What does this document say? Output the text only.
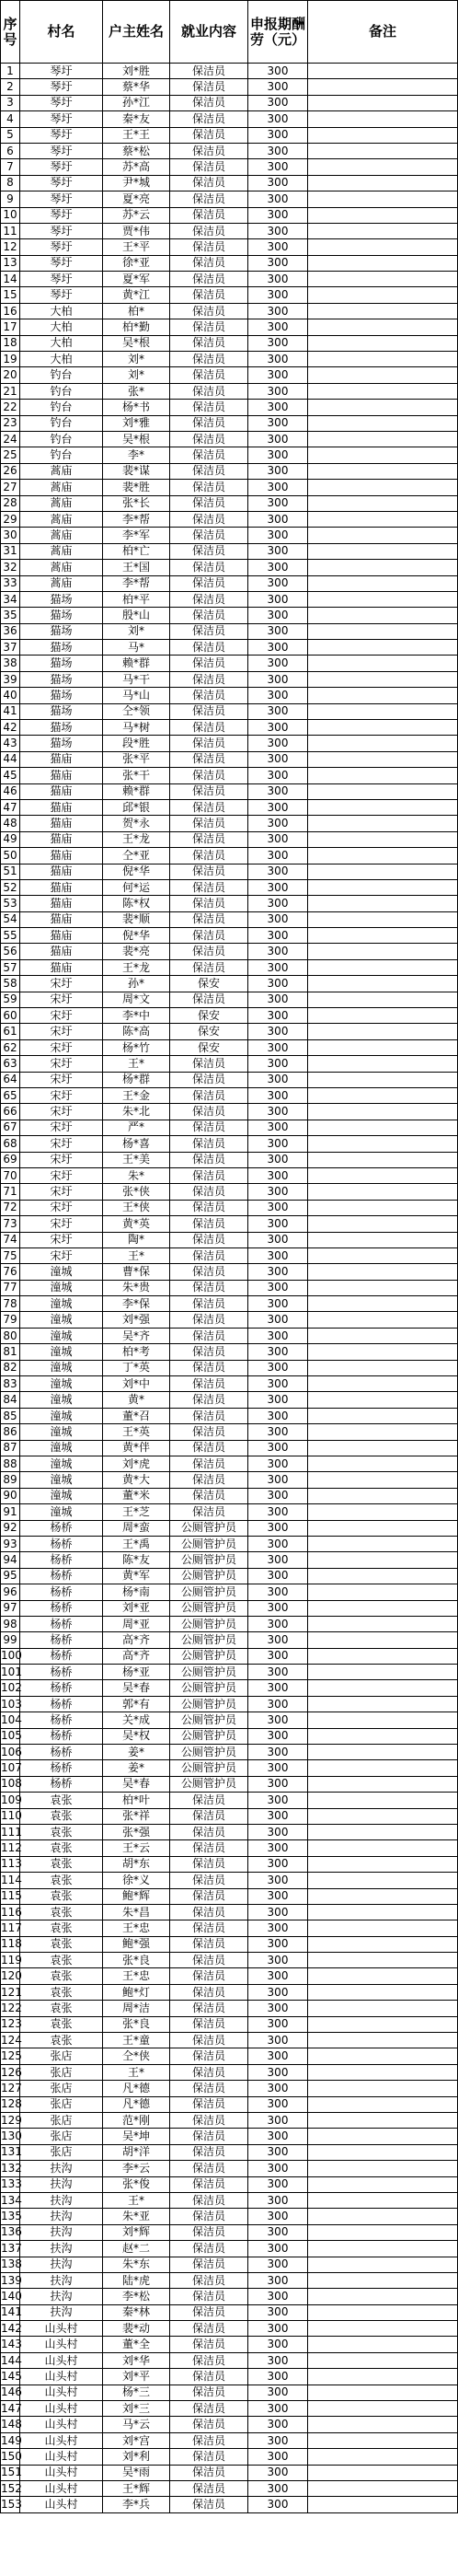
序号	村名	户主姓名	就业内容	申报期酬劳（元）	备注
1	琴圩	刘*胜	保洁员	300	
2	琴圩	蔡*华	保洁员	300	
3	琴圩	孙*江	保洁员	300	
4	琴圩	秦*友	保洁员	300	
5	琴圩	王*王	保洁员	300	
6	琴圩	蔡*松	保洁员	300	
7	琴圩	苏*高	保洁员	300	
8	琴圩	尹*城	保洁员	300	
9	琴圩	夏*亮	保洁员	300	
10	琴圩	苏*云	保洁员	300	
11	琴圩	贾*伟	保洁员	300	
12	琴圩	王*平	保洁员	300	
13	琴圩	徐*亚	保洁员	300	
14	琴圩	夏*军	保洁员	300	
15	琴圩	黄*江	保洁员	300	
16	大柏	柏*	保洁员	300	
17	大柏	柏*勤	保洁员	300	
18	大柏	吴*根	保洁员	300	
19	大柏	刘*	保洁员	300	
20	钓台	刘*	保洁员	300	
21	钓台	张*	保洁员	300	
22	钓台	杨*书	保洁员	300	
23	钓台	刘*雅	保洁员	300	
24	钓台	吴*根	保洁员	300	
25	钓台	李*	保洁员	300	
26	蒿庙	裴*谋	保洁员	300	
27	蒿庙	裴*胜	保洁员	300	
28	蒿庙	张*长	保洁员	300	
29	蒿庙	李*帮	保洁员	300	
30	蒿庙	李*军	保洁员	300	
31	蒿庙	柏*亡	保洁员	300	
32	蒿庙	王*国	保洁员	300	
33	蒿庙	李*帮	保洁员	300	
34	猫场	柏*平	保洁员	300	
35	猫场	殷*山	保洁员	300	
36	猫场	刘*	保洁员	300	
37	猫场	马*	保洁员	300	
38	猫场	赖*群	保洁员	300	
39	猫场	马*干	保洁员	300	
40	猫场	马*山	保洁员	300	
41	猫场	仝*领	保洁员	300	
42	猫场	马*树	保洁员	300	
43	猫场	段*胜	保洁员	300	
44	猫庙	张*平	保洁员	300	
45	猫庙	张*干	保洁员	300	
46	猫庙	赖*群	保洁员	300	
47	猫庙	邱*银	保洁员	300	
48	猫庙	贺*永	保洁员	300	
49	猫庙	王*龙	保洁员	300	
50	猫庙	仝*亚	保洁员	300	
51	猫庙	倪*华	保洁员	300	
52	猫庙	何*运	保洁员	300	
53	猫庙	陈*权	保洁员	300	
54	猫庙	裴*顺	保洁员	300	
55	猫庙	倪*华	保洁员	300	
56	猫庙	裴*亮	保洁员	300	
57	猫庙	王*龙	保洁员	300	
58	宋圩	孙*	保安	300	
59	宋圩	周*文	保洁员	300	
60	宋圩	李*中	保安	300	
61	宋圩	陈*高	保安	300	
62	宋圩	杨*竹	保安	300	
63	宋圩	王*	保洁员	300	
64	宋圩	杨*群	保洁员	300	
65	宋圩	王*金	保洁员	300	
66	宋圩	朱*北	保洁员	300	
67	宋圩	严*	保洁员	300	
68	宋圩	杨*喜	保洁员	300	
69	宋圩	王*美	保洁员	300	
70	宋圩	朱*	保洁员	300	
71	宋圩	张*侠	保洁员	300	
72	宋圩	王*侠	保洁员	300	
73	宋圩	黄*英	保洁员	300	
74	宋圩	陶*	保洁员	300	
75	宋圩	王*	保洁员	300	
76	潼城	曹*保	保洁员	300	
77	潼城	朱*贵	保洁员	300	
78	潼城	李*保	保洁员	300	
79	潼城	刘*强	保洁员	300	
80	潼城	吴*齐	保洁员	300	
81	潼城	柏*考	保洁员	300	
82	潼城	丁*英	保洁员	300	
83	潼城	刘*中	保洁员	300	
84	潼城	黄*	保洁员	300	
85	潼城	董*召	保洁员	300	
86	潼城	王*英	保洁员	300	
87	潼城	黄*伴	保洁员	300	
88	潼城	刘*虎	保洁员	300	
89	潼城	黄*大	保洁员	300	
90	潼城	董*米	保洁员	300	
91	潼城	王*芝	保洁员	300	
92	杨桥	周*蛮	公厕管护员	300	
93	杨桥	王*禹	公厕管护员	300	
94	杨桥	陈*友	公厕管护员	300	
95	杨桥	黄*军	公厕管护员	300	
96	杨桥	杨*南	公厕管护员	300	
97	杨桥	刘*亚	公厕管护员	300	
98	杨桥	周*亚	公厕管护员	300	
99	杨桥	高*齐	公厕管护员	300	
100	杨桥	高*齐	公厕管护员	300	
101	杨桥	杨*亚	公厕管护员	300	
102	杨桥	吴*春	公厕管护员	300	
103	杨桥	郭*有	公厕管护员	300	
104	杨桥	关*成	公厕管护员	300	
105	杨桥	吴*权	公厕管护员	300	
106	杨桥	姜*	公厕管护员	300	
107	杨桥	姜*	公厕管护员	300	
108	杨桥	吴*春	公厕管护员	300	
109	袁张	柏*叶	保洁员	300	
110	袁张	张*祥	保洁员	300	
111	袁张	张*强	保洁员	300	
112	袁张	王*云	保洁员	300	
113	袁张	胡*东	保洁员	300	
114	袁张	徐*义	保洁员	300	
115	袁张	鲍*辉	保洁员	300	
116	袁张	朱*昌	保洁员	300	
117	袁张	王*忠	保洁员	300	
118	袁张	鲍*强	保洁员	300	
119	袁张	张*良	保洁员	300	
120	袁张	王*忠	保洁员	300	
121	袁张	鲍*灯	保洁员	300	
122	袁张	周*洁	保洁员	300	
123	袁张	张*良	保洁员	300	
124	袁张	王*童	保洁员	300	
125	张店	仝*侠	保洁员	300	
126	张店	王*	保洁员	300	
127	张店	凡*德	保洁员	300	
128	张店	凡*德	保洁员	300	
129	张店	范*刚	保洁员	300	
130	张店	吴*坤	保洁员	300	
131	张店	胡*洋	保洁员	300	
132	扶沟	李*云	保洁员	300	
133	扶沟	张*俊	保洁员	300	
134	扶沟	王*	保洁员	300	
135	扶沟	朱*亚	保洁员	300	
136	扶沟	刘*辉	保洁员	300	
137	扶沟	赵*二	保洁员	300	
138	扶沟	朱*东	保洁员	300	
139	扶沟	陆*虎	保洁员	300	
140	扶沟	李*松	保洁员	300	
141	扶沟	秦*林	保洁员	300	
142	山头村	裴*动	保洁员	300	
143	山头村	董*全	保洁员	300	
144	山头村	刘*华	保洁员	300	
145	山头村	刘*平	保洁员	300	
146	山头村	杨*三	保洁员	300	
147	山头村	刘*三	保洁员	300	
148	山头村	马*云	保洁员	300	
149	山头村	刘*宫	保洁员	300	
150	山头村	刘*利	保洁员	300	
151	山头村	吴*雨	保洁员	300	
152	山头村	王*辉	保洁员	300	
153	山头村	李*兵	保洁员	300	
